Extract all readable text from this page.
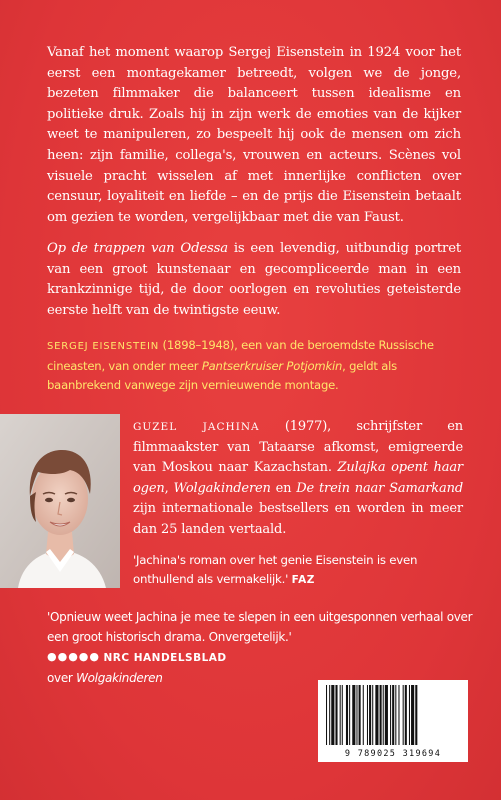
Vanaf het moment waarop Sergej Eisenstein in 1924 voor het eerst een montagekamer betreedt, volgen we de jonge, bezeten filmmaker die balanceert tussen idealisme en politieke druk. Zoals hij in zijn werk de emoties van de kijker weet te manipuleren, zo bespeelt hij ook de mensen om zich heen: zijn familie, collega's, vrouwen en acteurs. Scènes vol visuele pracht wisselen af met innerlijke conflicten over censuur, loyaliteit en liefde – en de prijs die Eisenstein betaalt om gezien te worden, vergelijkbaar met die van Faust.
Op de trappen van Odessa is een levendig, uitbundig portret van een groot kunstenaar en gecompliceerde man in een krankzinnige tijd, de door oorlogen en revoluties geteisterde eerste helft van de twintigste eeuw.
SERGEJ EISENSTEIN (1898–1948), een van de beroemdste Russische cineasten, van onder meer Pantserkruiser Potjomkin, geldt als baanbrekend vanwege zijn vernieuwende montage.
GUZEL JACHINA (1977), schrijfster en filmmaakster van Tataarse afkomst, emigreerde van Moskou naar Kazachstan. Zulajka opent haar ogen, Wolgakinderen en De trein naar Samarkand zijn internationale bestsellers en worden in meer dan 25 landen vertaald.
'Jachina's roman over het genie Eisenstein is even onthullend als vermakelijk.' FAZ
'Opnieuw weet Jachina je mee te slepen in een uitgesponnen verhaal over een groot historisch drama. Onvergetelijk.'
●●●●● NRC HANDELSBLAD
over Wolgakinderen
9 789025 319694
